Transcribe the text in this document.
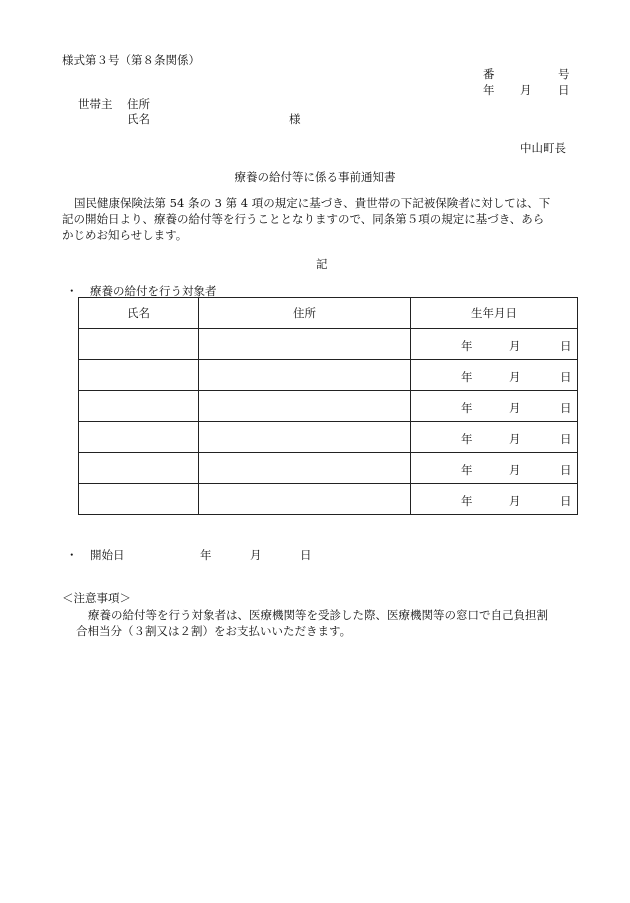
様式第３号（第８条関係）
番	号
年 月 日
世帯主 住所
氏名	様
中山町長
療養の給付等に係る事前通知書
国民健康保険法第 54 条の 3 第 4 項の規定に基づき、貴世帯の下記被保険者に対しては、下
記の開始日より、療養の給付等を行うこととなりますので、同条第５項の規定に基づき、あら
かじめお知らせします。
記
・ 療養の給付を行う対象者
氏名	住所	生年月日

		年 月 日

		年 月 日

		年 月 日

		年 月 日

		年 月 日

		年 月 日
・ 開始日	年	月	日
＜注意事項＞
療養の給付等を行う対象者は、医療機関等を受診した際、医療機関等の窓口で自己負担割
合相当分（３割又は２割）をお支払いいただきます。
